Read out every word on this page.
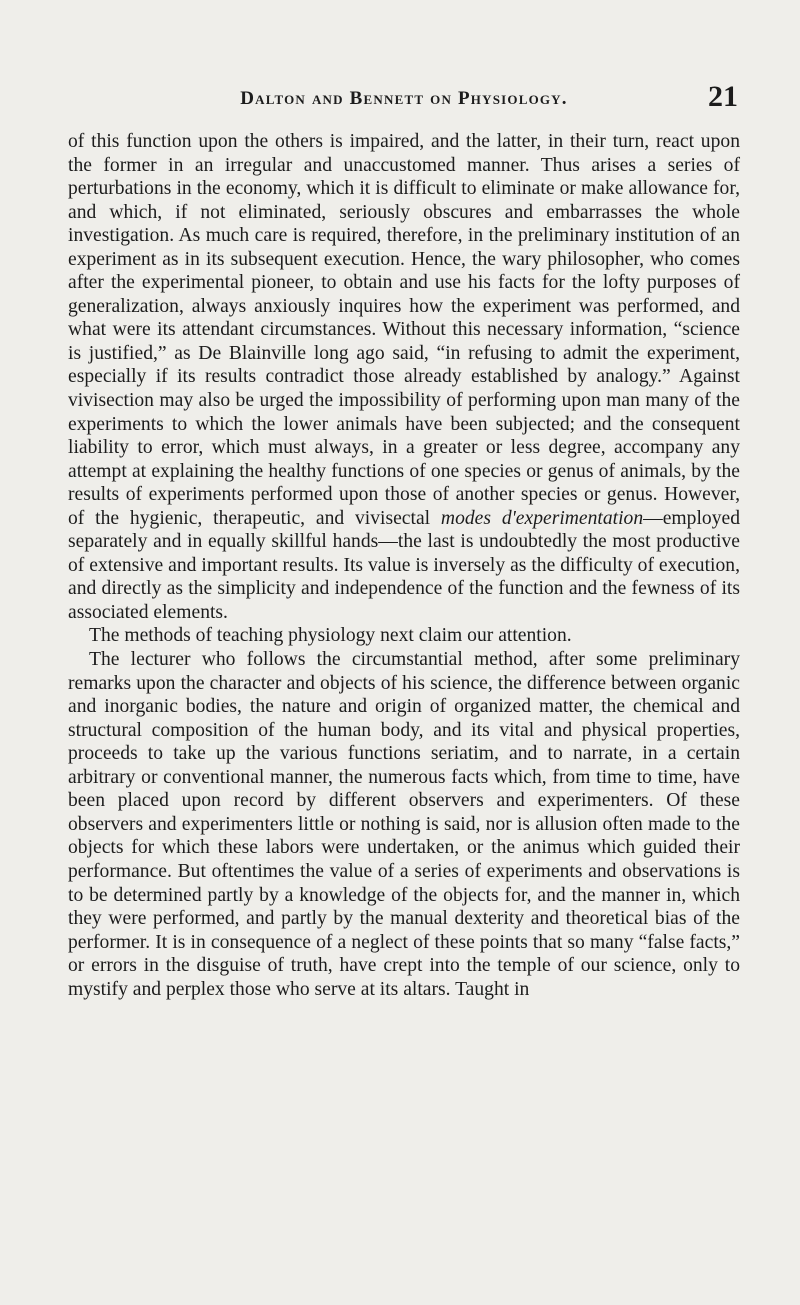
Dalton and Bennett on Physiology.	21

of this function upon the others is impaired, and the latter, in their turn, react upon the former in an irregular and unaccustomed manner. Thus arises a series of perturbations in the economy, which it is difficult to eliminate or make allowance for, and which, if not eliminated, seriously obscures and embarrasses the whole investigation. As much care is required, therefore, in the preliminary institution of an experiment as in its subsequent execution. Hence, the wary philosopher, who comes after the experimental pioneer, to obtain and use his facts for the lofty purposes of generalization, always anxiously inquires how the experiment was performed, and what were its attendant circumstances. Without this necessary information, “science is justified,” as De Blainville long ago said, “in refusing to admit the experiment, especially if its results contradict those already established by analogy.” Against vivisection may also be urged the impossibility of performing upon man many of the experiments to which the lower animals have been subjected; and the consequent liability to error, which must always, in a greater or less degree, accompany any attempt at explaining the healthy functions of one species or genus of animals, by the results of experiments performed upon those of another species or genus. However, of the hygienic, therapeutic, and vivisectal modes d'experimentation—employed separately and in equally skillful hands—the last is undoubtedly the most productive of extensive and important results. Its value is inversely as the difficulty of execution, and directly as the simplicity and independence of the function and the fewness of its associated elements.

The methods of teaching physiology next claim our attention.

The lecturer who follows the circumstantial method, after some preliminary remarks upon the character and objects of his science, the difference between organic and inorganic bodies, the nature and origin of organized matter, the chemical and structural composition of the human body, and its vital and physical properties, proceeds to take up the various functions seriatim, and to narrate, in a certain arbitrary or conventional manner, the numerous facts which, from time to time, have been placed upon record by different observers and experimenters. Of these observers and experimenters little or nothing is said, nor is allusion often made to the objects for which these labors were undertaken, or the animus which guided their performance. But oftentimes the value of a series of experiments and observations is to be determined partly by a knowledge of the objects for, and the manner in, which they were performed, and partly by the manual dexterity and theoretical bias of the performer. It is in consequence of a neglect of these points that so many “false facts,” or errors in the disguise of truth, have crept into the temple of our science, only to mystify and perplex those who serve at its altars. Taught in
